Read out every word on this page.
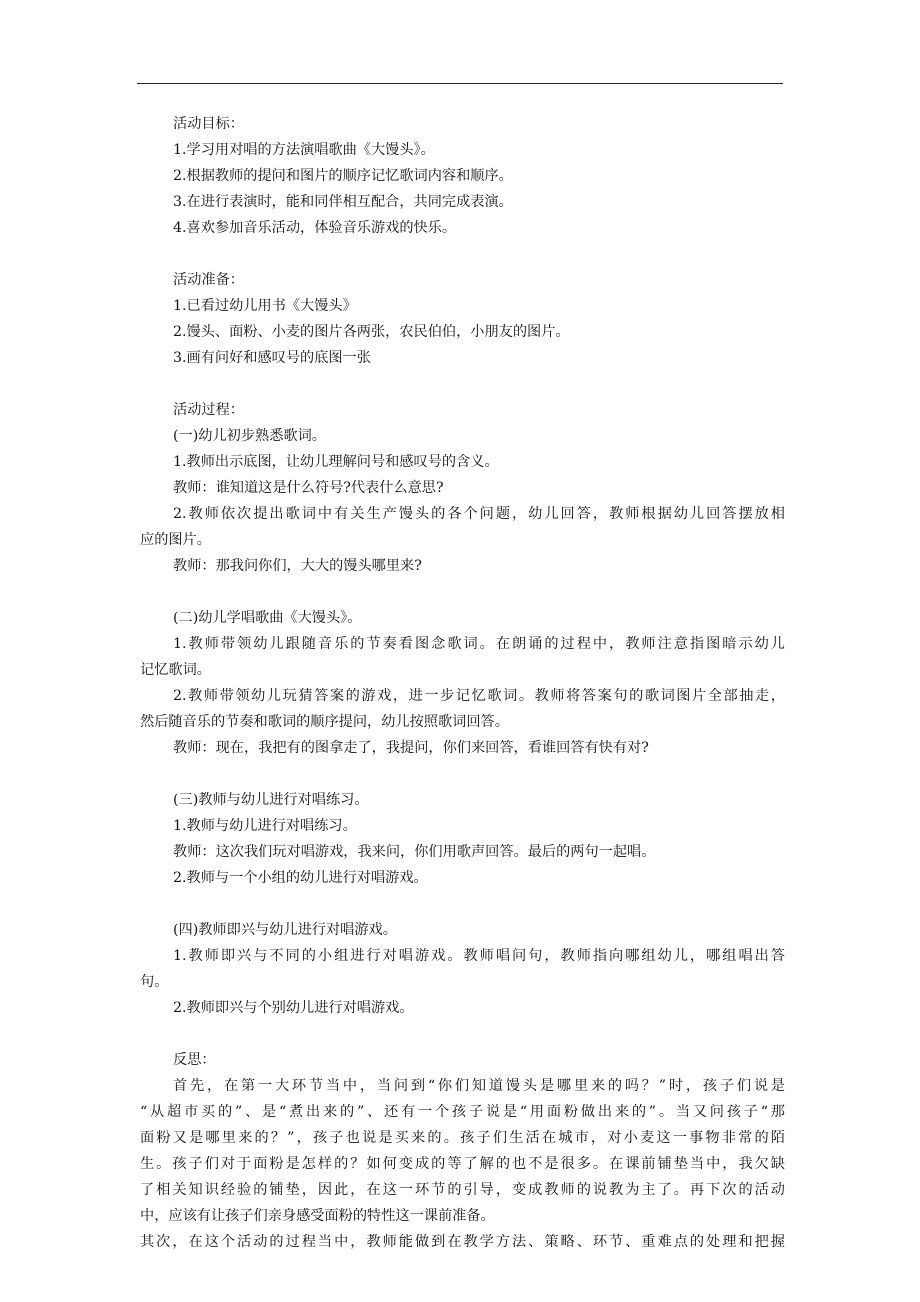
活动目标：
1.学习用对唱的方法演唱歌曲《大馒头》。
2.根据教师的提问和图片的顺序记忆歌词内容和顺序。
3.在进行表演时，能和同伴相互配合，共同完成表演。
4.喜欢参加音乐活动，体验音乐游戏的快乐。
活动准备：
1.已看过幼儿用书《大馒头》
2.馒头、面粉、小麦的图片各两张，农民伯伯，小朋友的图片。
3.画有问好和感叹号的底图一张
活动过程：
(一)幼儿初步熟悉歌词。
1.教师出示底图，让幼儿理解问号和感叹号的含义。
教师：谁知道这是什么符号?代表什么意思?
2.教师依次提出歌词中有关生产馒头的各个问题，幼儿回答，教师根据幼儿回答摆放相
应的图片。
教师：那我问你们，大大的馒头哪里来?
(二)幼儿学唱歌曲《大馒头》。
1.教师带领幼儿跟随音乐的节奏看图念歌词。在朗诵的过程中，教师注意指图暗示幼儿
记忆歌词。
2.教师带领幼儿玩猜答案的游戏，进一步记忆歌词。教师将答案句的歌词图片全部抽走，
然后随音乐的节奏和歌词的顺序提问，幼儿按照歌词回答。
教师：现在，我把有的图拿走了，我提问，你们来回答，看谁回答有快有对?
(三)教师与幼儿进行对唱练习。
1.教师与幼儿进行对唱练习。
教师：这次我们玩对唱游戏，我来问，你们用歌声回答。最后的两句一起唱。
2.教师与一个小组的幼儿进行对唱游戏。
(四)教师即兴与幼儿进行对唱游戏。
1.教师即兴与不同的小组进行对唱游戏。教师唱问句，教师指向哪组幼儿，哪组唱出答
句。
2.教师即兴与个别幼儿进行对唱游戏。
反思：
首先，在第一大环节当中，当问到“你们知道馒头是哪里来的吗？”时，孩子们说是
“从超市买的”、是“煮出来的”、还有一个孩子说是“用面粉做出来的”。当又问孩子“那
面粉又是哪里来的？”，孩子也说是买来的。孩子们生活在城市，对小麦这一事物非常的陌
生。孩子们对于面粉是怎样的？如何变成的等了解的也不是很多。在课前铺垫当中，我欠缺
了相关知识经验的铺垫，因此，在这一环节的引导，变成教师的说教为主了。再下次的活动
中，应该有让孩子们亲身感受面粉的特性这一课前准备。
其次，在这个活动的过程当中，教师能做到在教学方法、策略、环节、重难点的处理和把握
